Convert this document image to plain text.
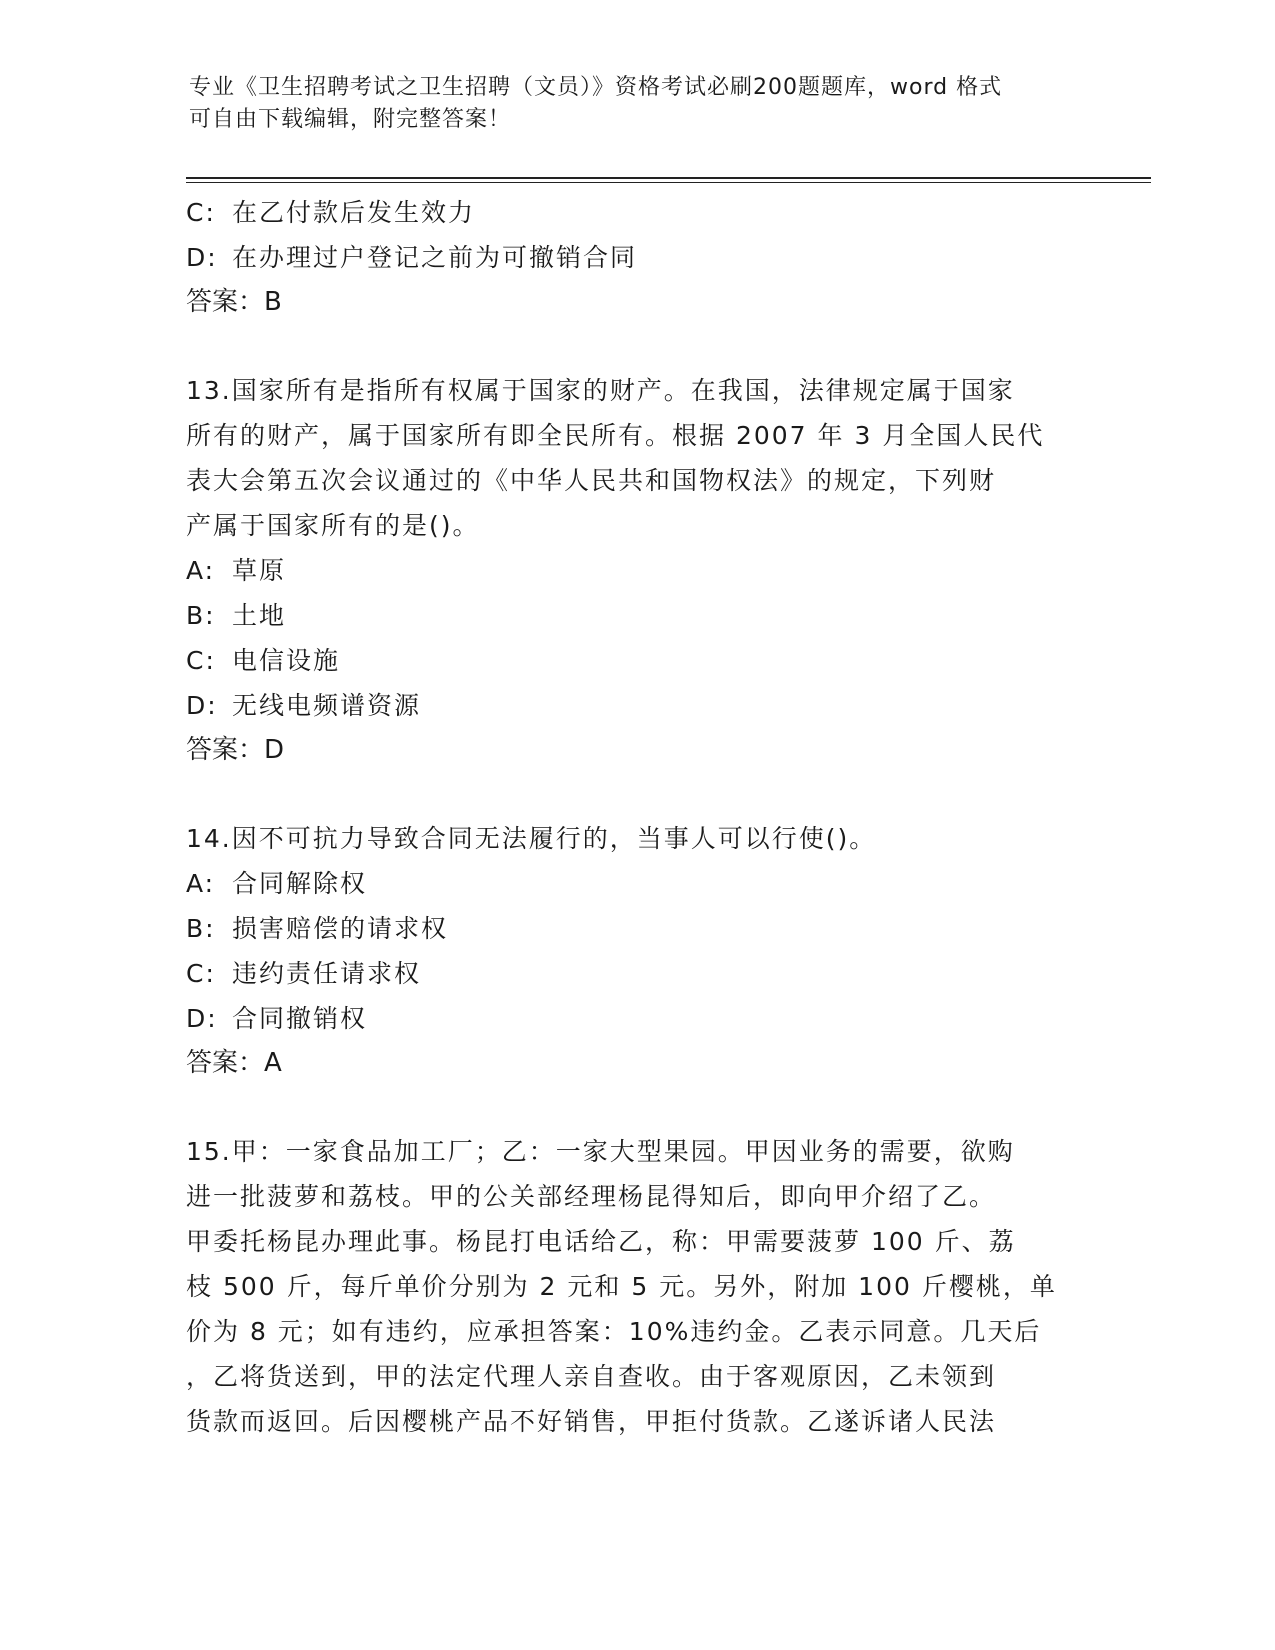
专业《卫生招聘考试之卫生招聘（文员）》资格考试必刷200题题库，word 格式
可自由下载编辑，附完整答案！
C: 在乙付款后发生效力
D: 在办理过户登记之前为可撤销合同
答案：B
13.国家所有是指所有权属于国家的财产。在我国，法律规定属于国家
所有的财产，属于国家所有即全民所有。根据 2007 年 3 月全国人民代
表大会第五次会议通过的《中华人民共和国物权法》的规定，下列财
产属于国家所有的是()。
A: 草原
B: 土地
C: 电信设施
D: 无线电频谱资源
答案：D
14.因不可抗力导致合同无法履行的，当事人可以行使()。
A: 合同解除权
B: 损害赔偿的请求权
C: 违约责任请求权
D: 合同撤销权
答案：A
15.甲：一家食品加工厂；乙：一家大型果园。甲因业务的需要，欲购
进一批菠萝和荔枝。甲的公关部经理杨昆得知后，即向甲介绍了乙。
甲委托杨昆办理此事。杨昆打电话给乙，称：甲需要菠萝 100 斤、荔
枝 500 斤，每斤单价分别为 2 元和 5 元。另外，附加 100 斤樱桃，单
价为 8 元；如有违约，应承担答案：10%违约金。乙表示同意。几天后
，乙将货送到，甲的法定代理人亲自查收。由于客观原因，乙未领到
货款而返回。后因樱桃产品不好销售，甲拒付货款。乙遂诉诸人民法
